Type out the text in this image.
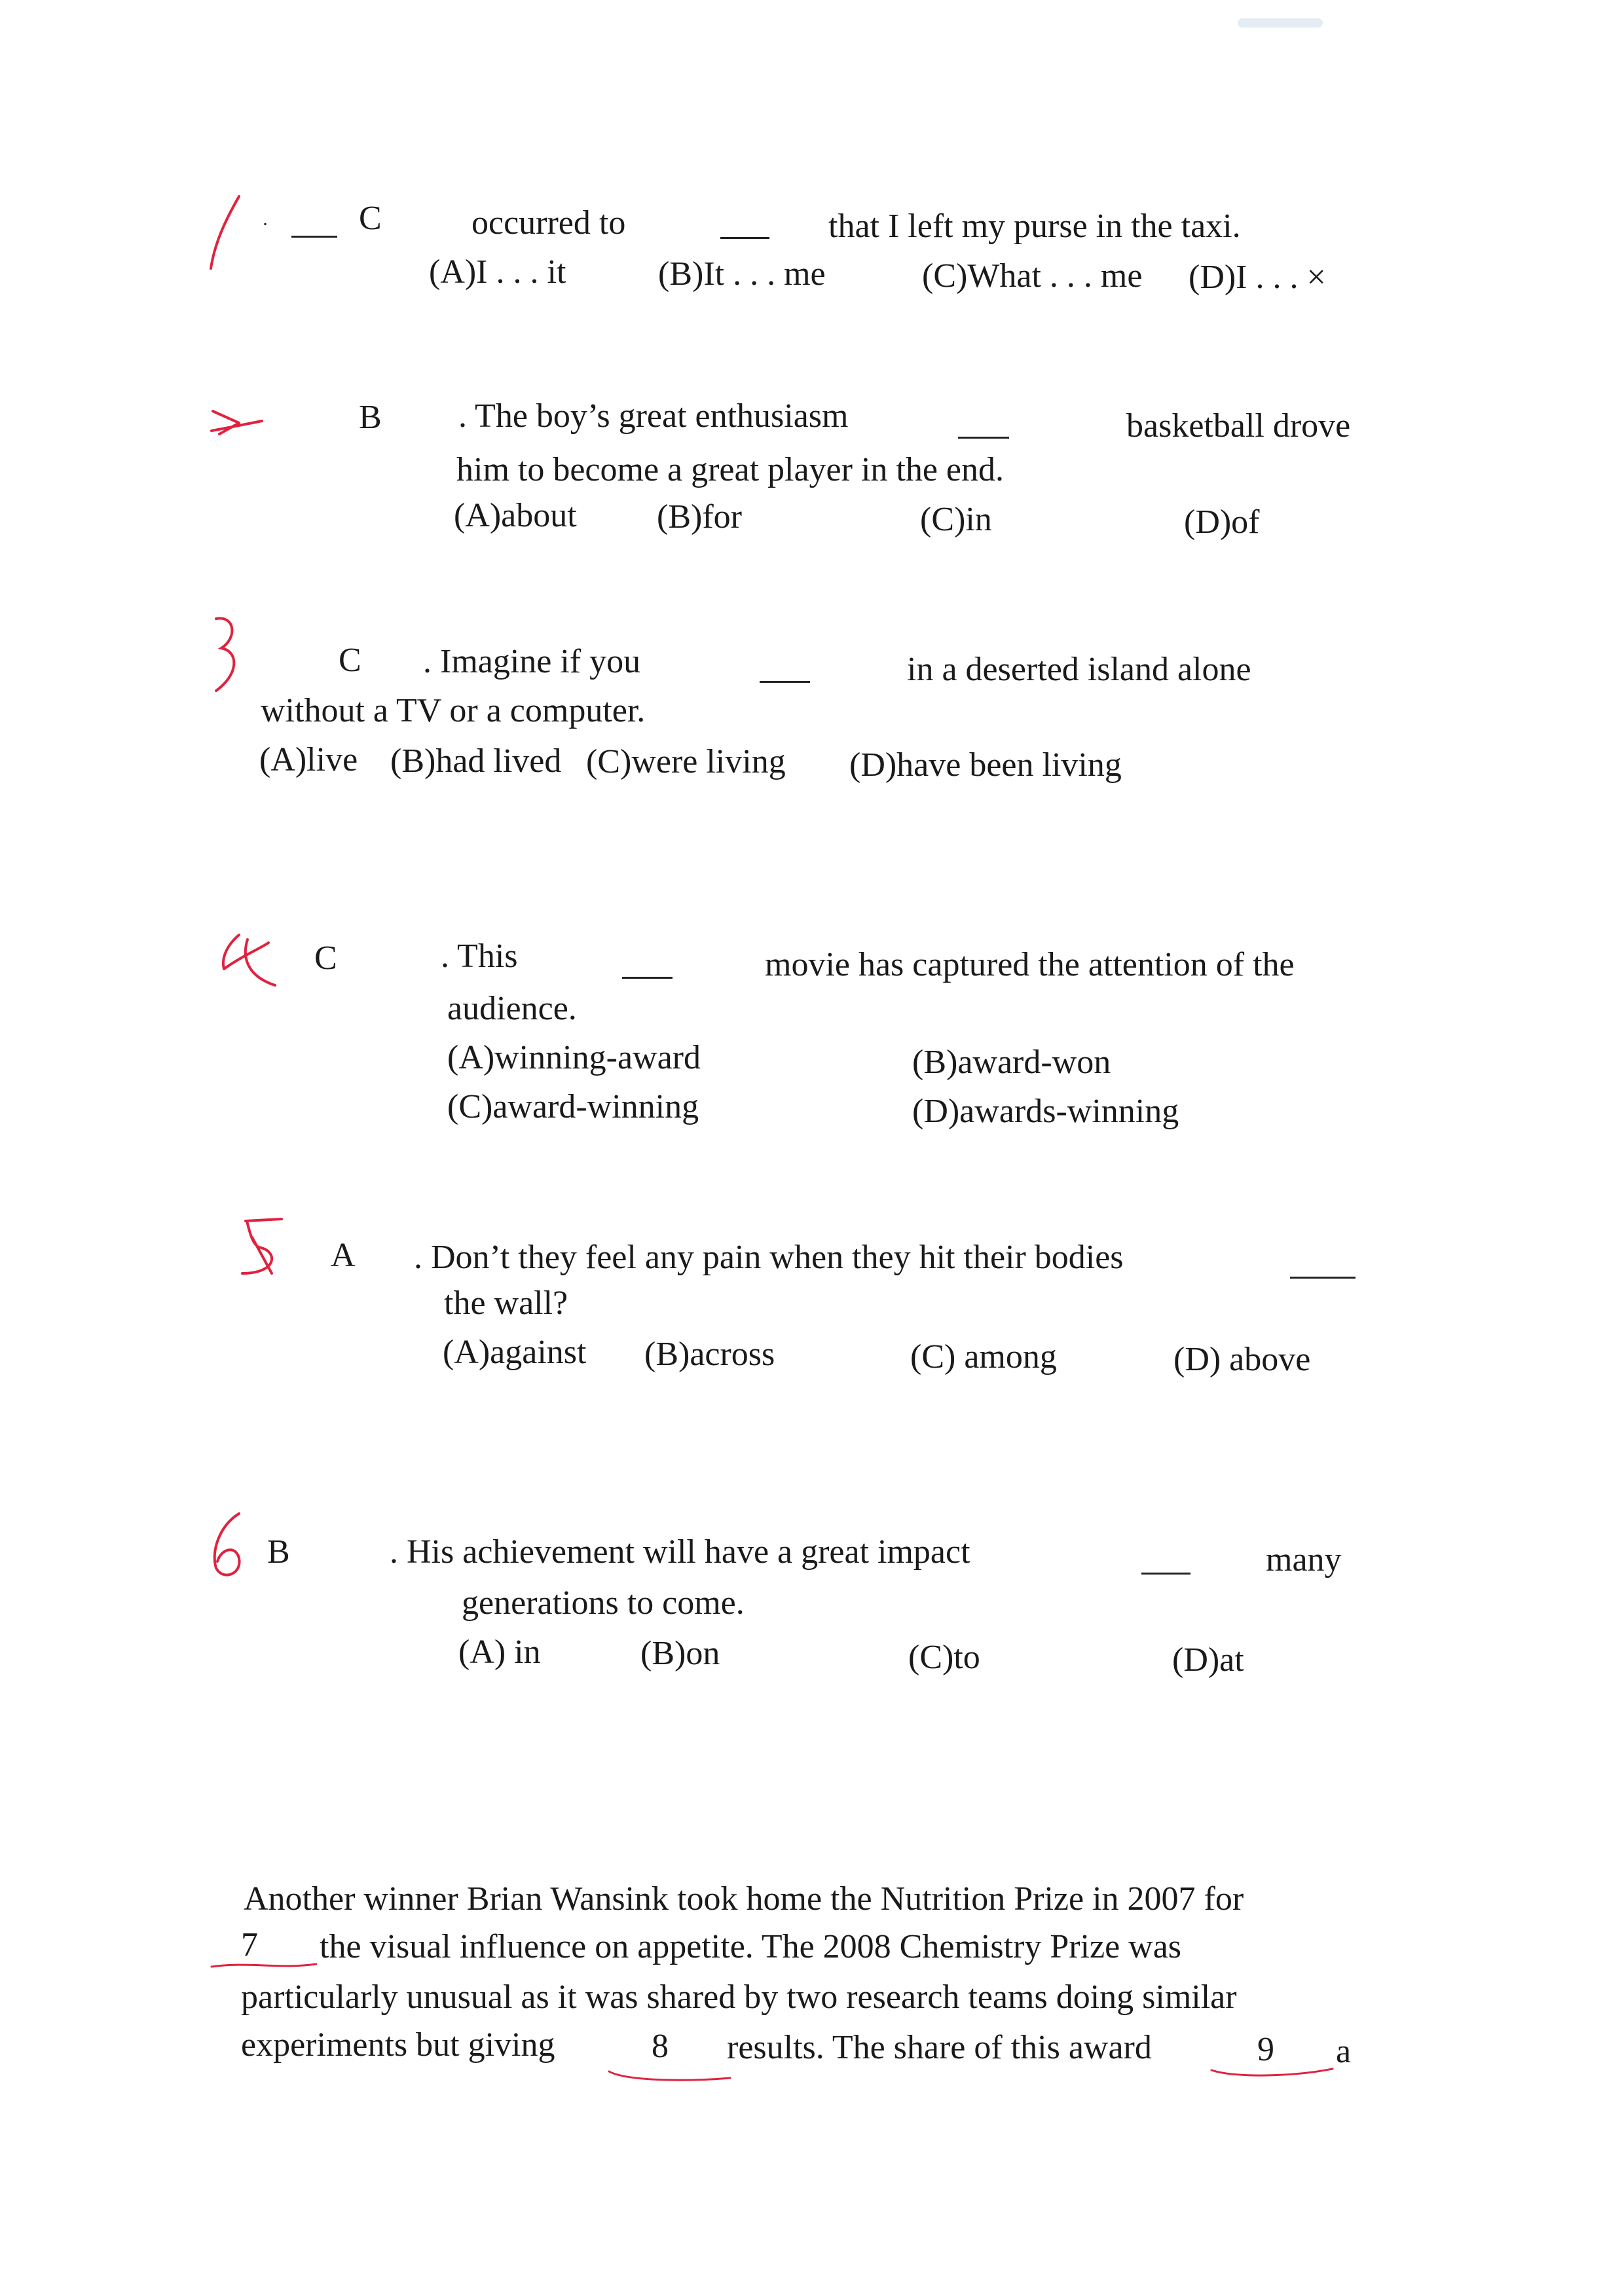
·	C	occurred to	that I left my purse in the taxi.
(A)I . . . it	(B)It . . . me	(C)What . . . me (D)I . . . ×
B . The boy’s great enthusiasm	basketball drove
him to become a great player in the end.
(A)about (B)for	(C)in	(D)of
C . Imagine if you	in a deserted island alone
without a TV or a computer.
(A)live (B)had lived (C)were living (D)have been living
C	. This	movie has captured the attention of the
audience.
(A)winning-award	(B)award-won
(C)award-winning	(D)awards-winning
A . Don’t they feel any pain when they hit their bodies
the wall?
(A)against (B)across	(C) among	(D) above
B	. His achievement will have a great impact	many
generations to come.
(A) in	(B)on	(C)to	(D)at
Another winner Brian Wansink took home the Nutrition Prize in 2007 for
7 the visual influence on appetite. The 2008 Chemistry Prize was
particularly unusual as it was shared by two research teams doing similar
experiments but giving	8 results. The share of this award	9 a
